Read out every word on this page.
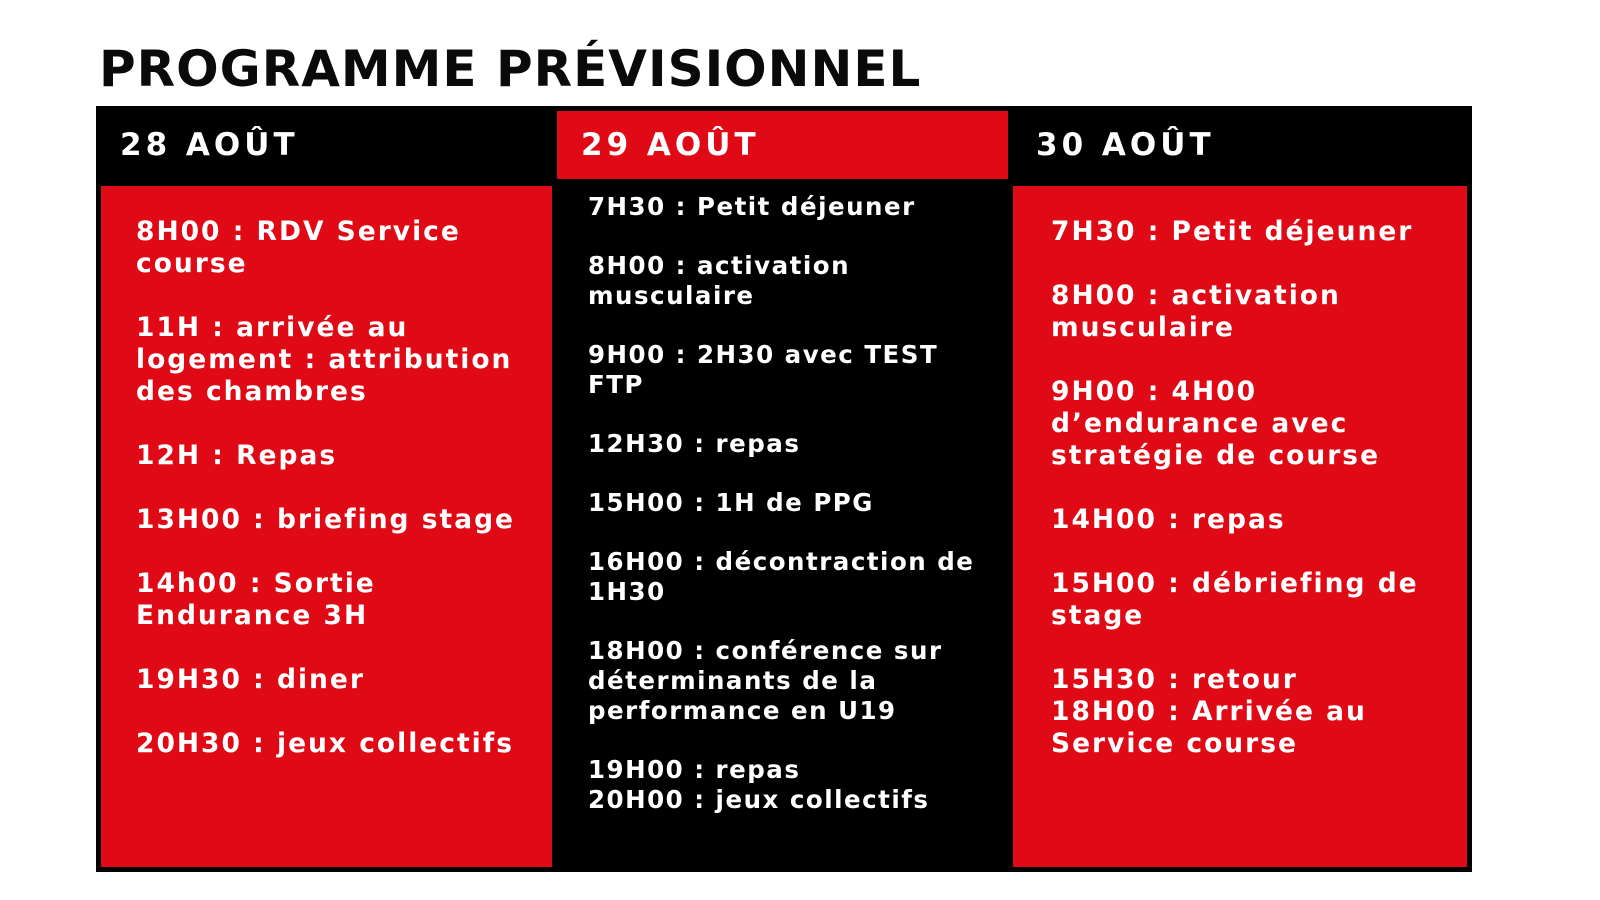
PROGRAMME PRÉVISIONNEL
28 AOÛT

8H00 : RDV Service
course

11H : arrivée au
logement : attribution
des chambres

12H : Repas

13H00 : briefing stage

14h00 : Sortie
Endurance 3H

19H30 : diner

20H30 : jeux collectifs

29 AOÛT

7H30 : Petit déjeuner

8H00 : activation
musculaire

9H00 : 2H30 avec TEST
FTP

12H30 : repas

15H00 : 1H de PPG

16H00 : décontraction de
1H30

18H00 : conférence sur
déterminants de la
performance en U19

19H00 : repas
20H00 : jeux collectifs

30 AOÛT

7H30 : Petit déjeuner

8H00 : activation
musculaire

9H00 : 4H00
d’endurance avec
stratégie de course

14H00 : repas

15H00 : débriefing de
stage

15H30 : retour
18H00 : Arrivée au
Service course
